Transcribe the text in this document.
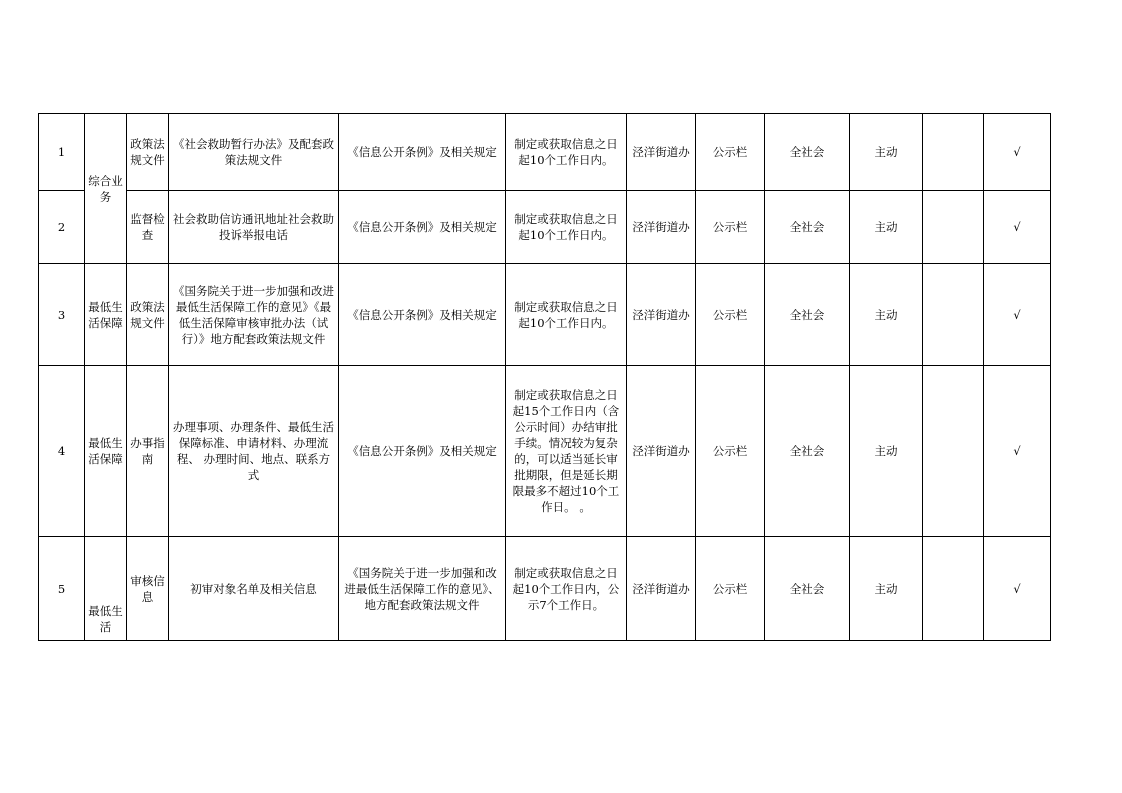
1	综合业务	政策法规文件	《社会救助暂行办法》及配套政策法规文件	《信息公开条例》及相关规定	制定或获取信息之日起10个工作日内。	泾洋街道办	公示栏	全社会	主动		√
2		监督检查	社会救助信访通讯地址社会救助投诉举报电话	《信息公开条例》及相关规定	制定或获取信息之日起10个工作日内。	泾洋街道办	公示栏	全社会	主动		√
3	最低生活保障	政策法规文件	《国务院关于进一步加强和改进最低生活保障工作的意见》《最低生活保障审核审批办法（试行）》地方配套政策法规文件	《信息公开条例》及相关规定	制定或获取信息之日起10个工作日内。	泾洋街道办	公示栏	全社会	主动		√
4	最低生活保障	办事指南	办理事项、办理条件、最低生活 保障标准、申请材料、办理流程、 办理时间、地点、联系方式	《信息公开条例》及相关规定	制定或获取信息之日起15个工作日内（含公示时间）办结审批手续。情况较为复杂的，可以适当延长审批期限，但是延长期限最多不超过10个工作日。 。	泾洋街道办	公示栏	全社会	主动		√
5	最低生活	审核信息	初审对象名单及相关信息	《国务院关于进一步加强和改进最低生活保障工作的意见》、地方配套政策法规文件	制定或获取信息之日起10个工作日内，公示7个工作日。	泾洋街道办	公示栏	全社会	主动		√
